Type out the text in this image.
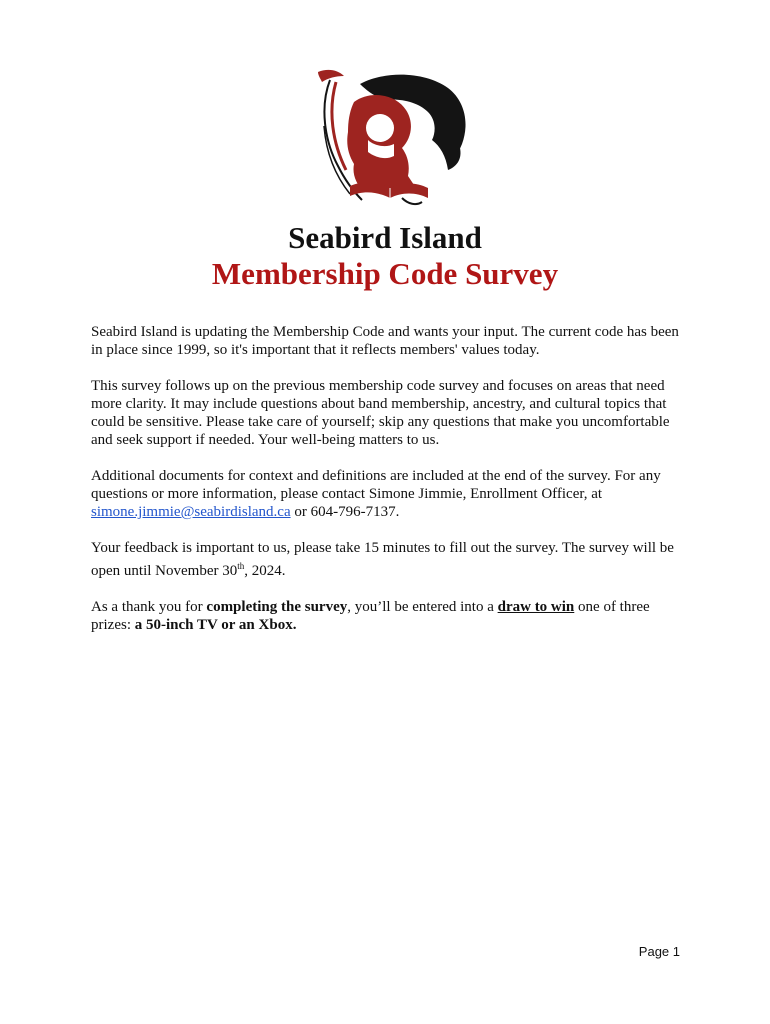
Seabird Island
Membership Code Survey

Seabird Island is updating the Membership Code and wants your input. The current code has been in place since 1999, so it's important that it reflects members' values today.

This survey follows up on the previous membership code survey and focuses on areas that need more clarity. It may include questions about band membership, ancestry, and cultural topics that could be sensitive. Please take care of yourself; skip any questions that make you uncomfortable and seek support if needed. Your well-being matters to us.

Additional documents for context and definitions are included at the end of the survey. For any questions or more information, please contact Simone Jimmie, Enrollment Officer, at
simone.jimmie@seabirdisland.ca or 604-796-7137.

Your feedback is important to us, please take 15 minutes to fill out the survey. The survey will be open until November 30th, 2024.

As a thank you for completing the survey, you’ll be entered into a draw to win one of three prizes: a 50-inch TV or an Xbox.

Page 1
